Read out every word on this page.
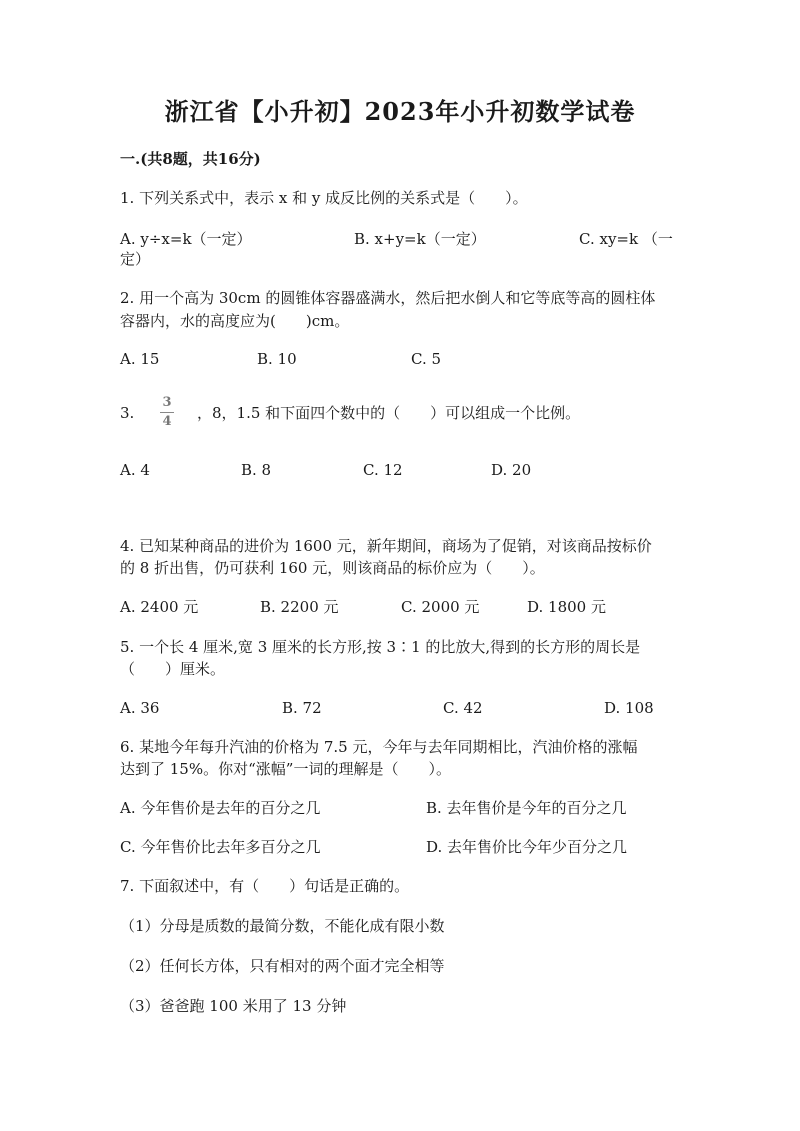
浙江省【小升初】2023年小升初数学试卷
一.(共8题，共16分)
1. 下列关系式中，表示 x 和 y 成反比例的关系式是（　　）。
A. y÷x=k（一定）	B. x+y=k（一定）	C. xy=k （一
定）
2. 用一个高为 30cm 的圆锥体容器盛满水，然后把水倒人和它等底等高的圆柱体
容器内，水的高度应为(　　)cm。
A. 15	B. 10	C. 5
3.
3
4 ，8，1.5 和下面四个数中的（　　）可以组成一个比例。
A. 4	B. 8	C. 12	D. 20
4. 已知某种商品的进价为 1600 元，新年期间，商场为了促销，对该商品按标价
的 8 折出售，仍可获利 160 元，则该商品的标价应为（　　）。
A. 2400 元	B. 2200 元	C. 2000 元	D. 1800 元
5. 一个长 4 厘米,宽 3 厘米的长方形,按 3∶1 的比放大,得到的长方形的周长是
（　　）厘米。
A. 36	B. 72	C. 42	D. 108
6. 某地今年每升汽油的价格为 7.5 元，今年与去年同期相比，汽油价格的涨幅
达到了 15%。你对“涨幅”一词的理解是（　　）。
A. 今年售价是去年的百分之几	B. 去年售价是今年的百分之几
C. 今年售价比去年多百分之几	D. 去年售价比今年少百分之几
7. 下面叙述中，有（　　）句话是正确的。
（1）分母是质数的最简分数，不能化成有限小数
（2）任何长方体，只有相对的两个面才完全相等
（3）爸爸跑 100 米用了 13 分钟
